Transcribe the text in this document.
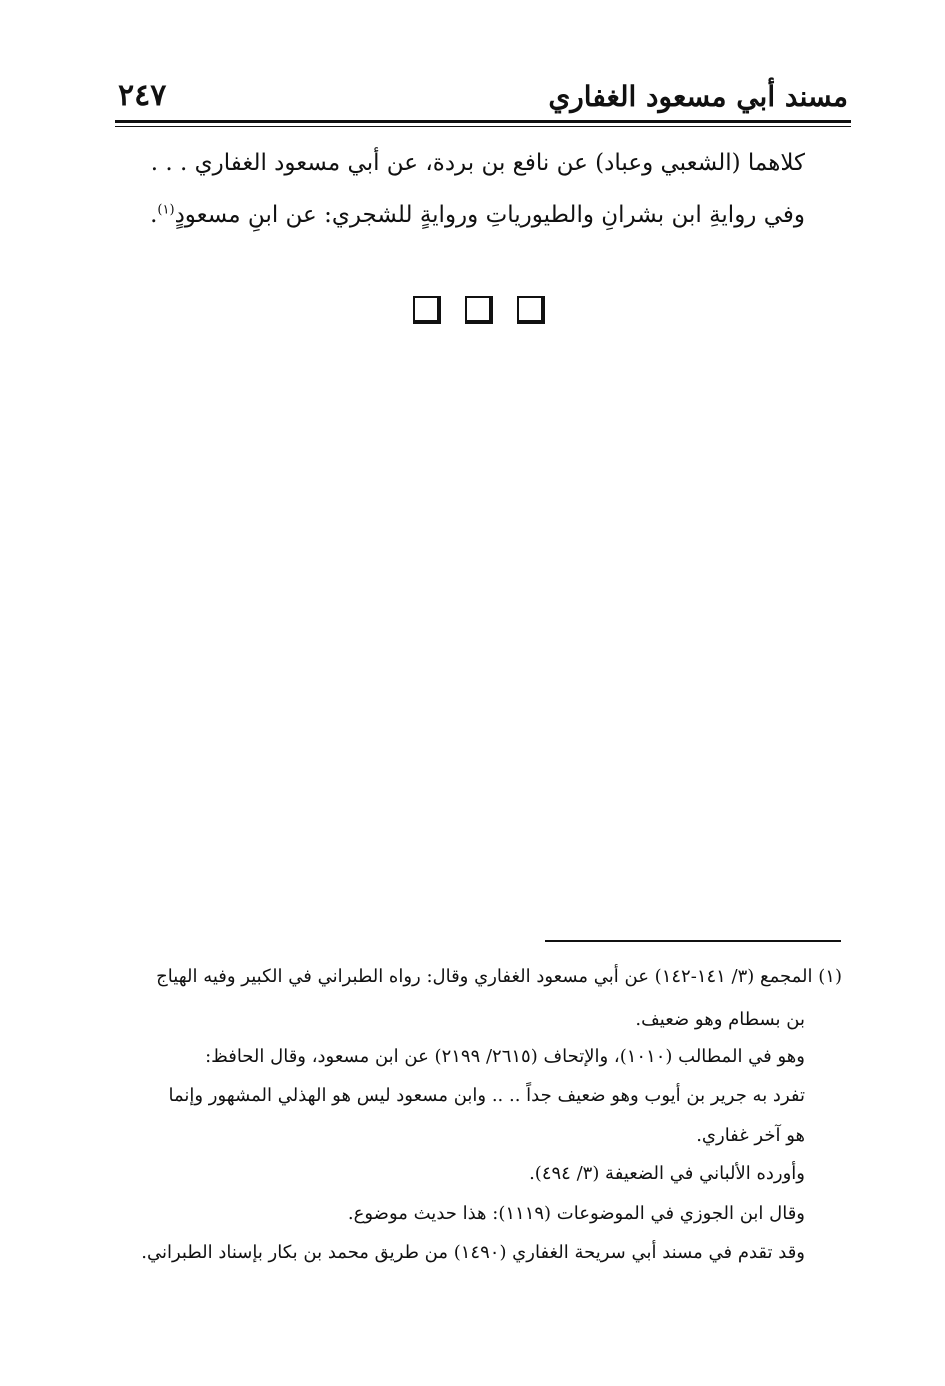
مسند أبي مسعود الغفاري
٢٤٧
كلاهما (الشعبي وعباد) عن نافع بن بردة، عن أبي مسعود الغفاري . . .
وفي روايةِ ابن بشرانِ والطيورياتِ وروايةٍ للشجري: عن ابنِ مسعودٍ$^{(١)}$.
(١) المجمع (٣/ ١٤١-١٤٢) عن أبي مسعود الغفاري وقال: رواه الطبراني في الكبير وفيه الهياج
بن بسطام وهو ضعيف.
وهو في المطالب (١٠١٠)، والإتحاف (٢٦١٥/ ٢١٩٩) عن ابن مسعود، وقال الحافظ:
تفرد به جرير بن أيوب وهو ضعيف جداً .. .. وابن مسعود ليس هو الهذلي المشهور وإنما
هو آخر غفاري.
وأورده الألباني في الضعيفة (٣/ ٤٩٤).
وقال ابن الجوزي في الموضوعات (١١١٩): هذا حديث موضوع.
وقد تقدم في مسند أبي سريحة الغفاري (١٤٩٠) من طريق محمد بن بكار بإسناد الطبراني.
